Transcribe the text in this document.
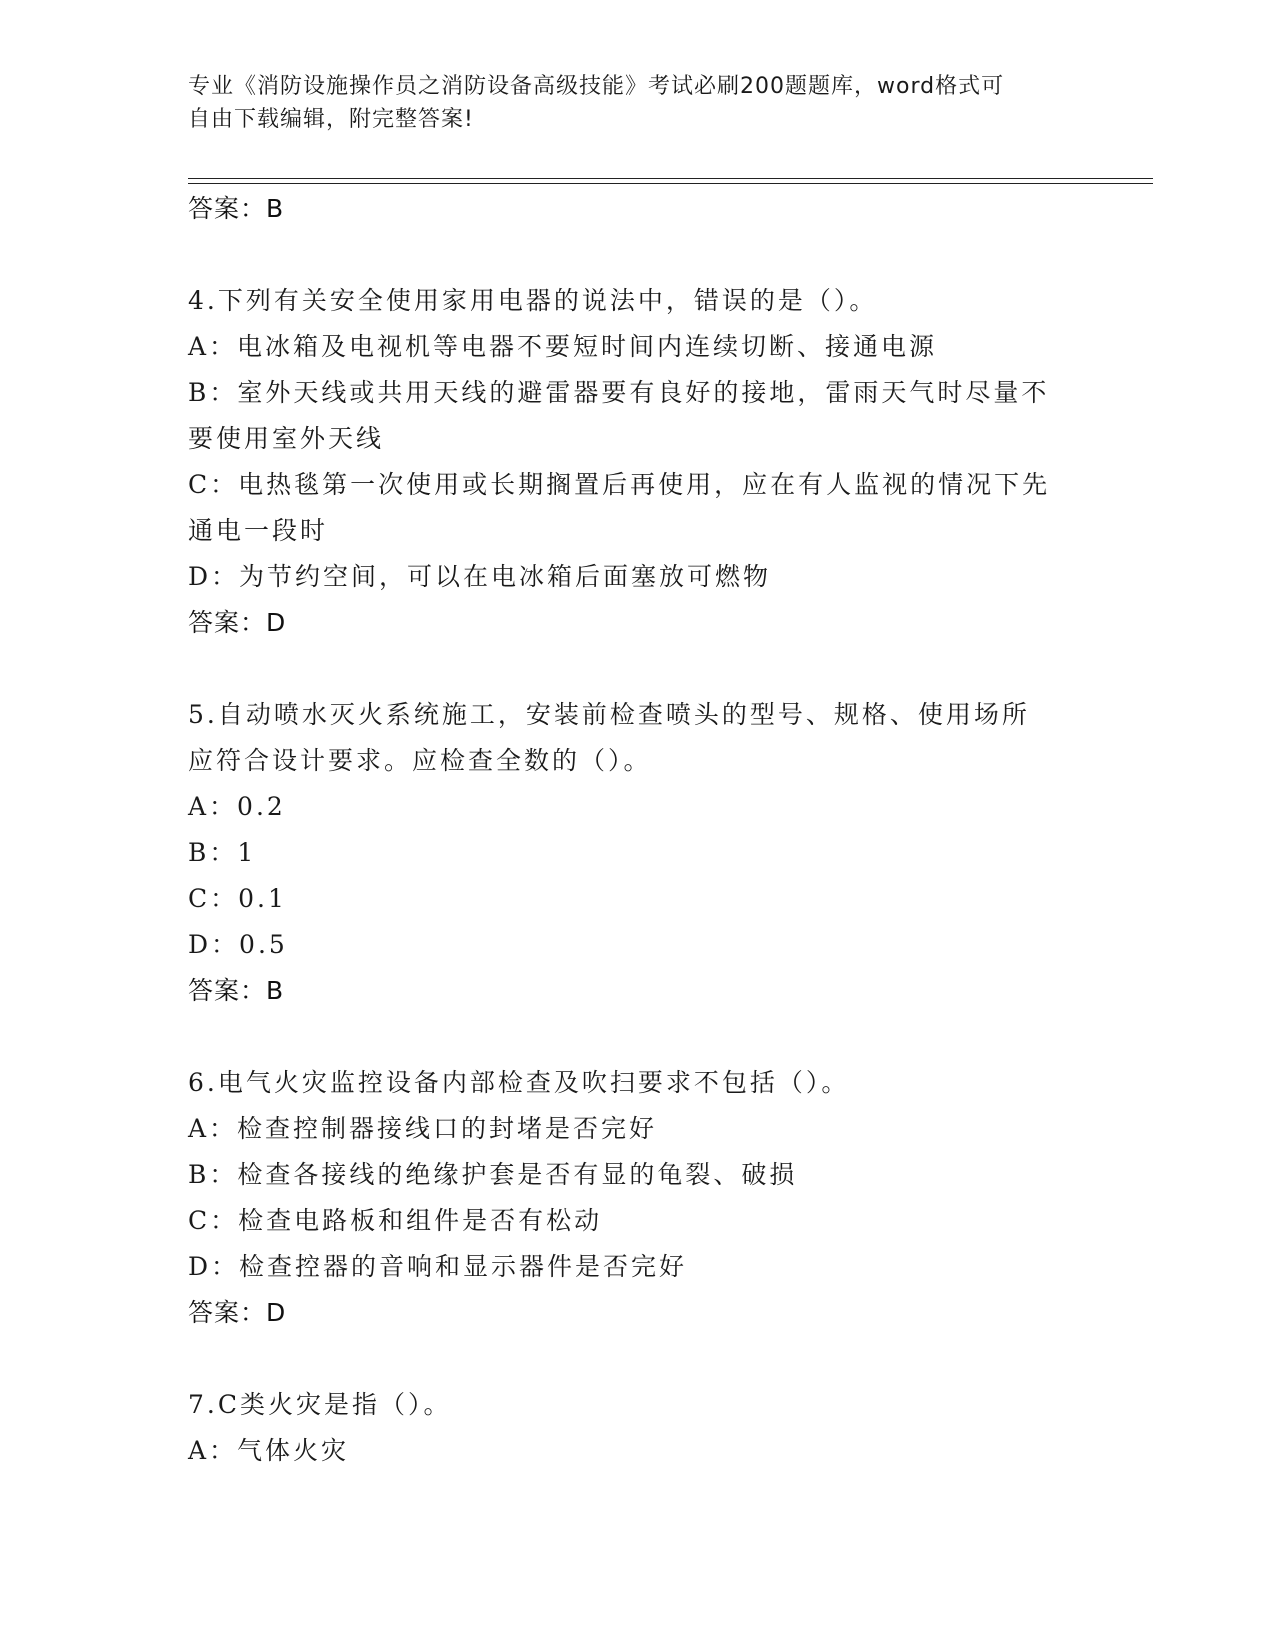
专业《消防设施操作员之消防设备高级技能》考试必刷200题题库，word格式可
自由下载编辑，附完整答案!
答案：B
4.下列有关安全使用家用电器的说法中，错误的是（）。
A：电冰箱及电视机等电器不要短时间内连续切断、接通电源
B：室外天线或共用天线的避雷器要有良好的接地，雷雨天气时尽量不
要使用室外天线
C：电热毯第一次使用或长期搁置后再使用，应在有人监视的情况下先
通电一段时
D：为节约空间，可以在电冰箱后面塞放可燃物
答案：D
5.自动喷水灭火系统施工，安装前检查喷头的型号、规格、使用场所
应符合设计要求。应检查全数的（）。
A：0.2
B：1
C：0.1
D：0.5
答案：B
6.电气火灾监控设备内部检查及吹扫要求不包括（）。
A：检查控制器接线口的封堵是否完好
B：检查各接线的绝缘护套是否有显的龟裂、破损
C：检查电路板和组件是否有松动
D：检查控器的音响和显示器件是否完好
答案：D
7.C类火灾是指（）。
A：气体火灾
